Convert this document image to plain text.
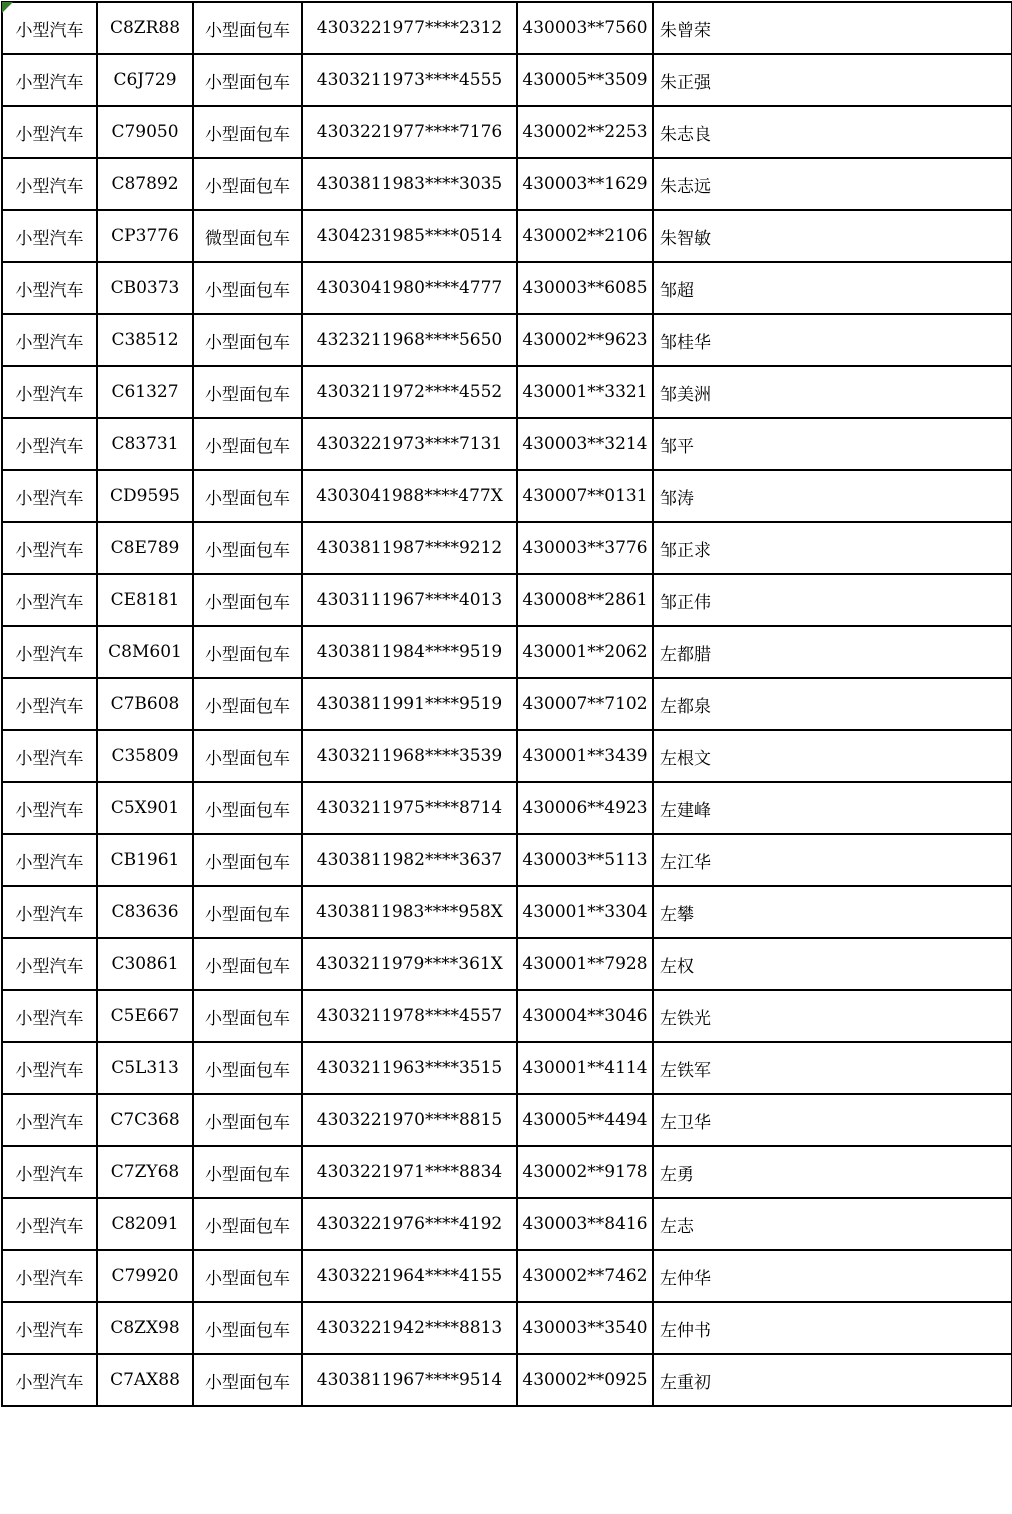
小型汽车	C8ZR88	小型面包车	4303221977****2312	430003**7560	朱曾荣
小型汽车	C6J729	小型面包车	4303211973****4555	430005**3509	朱正强
小型汽车	C79050	小型面包车	4303221977****7176	430002**2253	朱志良
小型汽车	C87892	小型面包车	4303811983****3035	430003**1629	朱志远
小型汽车	CP3776	微型面包车	4304231985****0514	430002**2106	朱智敏
小型汽车	CB0373	小型面包车	4303041980****4777	430003**6085	邹超
小型汽车	C38512	小型面包车	4323211968****5650	430002**9623	邹桂华
小型汽车	C61327	小型面包车	4303211972****4552	430001**3321	邹美洲
小型汽车	C83731	小型面包车	4303221973****7131	430003**3214	邹平
小型汽车	CD9595	小型面包车	4303041988****477X	430007**0131	邹涛
小型汽车	C8E789	小型面包车	4303811987****9212	430003**3776	邹正求
小型汽车	CE8181	小型面包车	4303111967****4013	430008**2861	邹正伟
小型汽车	C8M601	小型面包车	4303811984****9519	430001**2062	左都腊
小型汽车	C7B608	小型面包车	4303811991****9519	430007**7102	左都泉
小型汽车	C35809	小型面包车	4303211968****3539	430001**3439	左根文
小型汽车	C5X901	小型面包车	4303211975****8714	430006**4923	左建峰
小型汽车	CB1961	小型面包车	4303811982****3637	430003**5113	左江华
小型汽车	C83636	小型面包车	4303811983****958X	430001**3304	左攀
小型汽车	C30861	小型面包车	4303211979****361X	430001**7928	左权
小型汽车	C5E667	小型面包车	4303211978****4557	430004**3046	左铁光
小型汽车	C5L313	小型面包车	4303211963****3515	430001**4114	左铁军
小型汽车	C7C368	小型面包车	4303221970****8815	430005**4494	左卫华
小型汽车	C7ZY68	小型面包车	4303221971****8834	430002**9178	左勇
小型汽车	C82091	小型面包车	4303221976****4192	430003**8416	左志
小型汽车	C79920	小型面包车	4303221964****4155	430002**7462	左仲华
小型汽车	C8ZX98	小型面包车	4303221942****8813	430003**3540	左仲书
小型汽车	C7AX88	小型面包车	4303811967****9514	430002**0925	左重初
